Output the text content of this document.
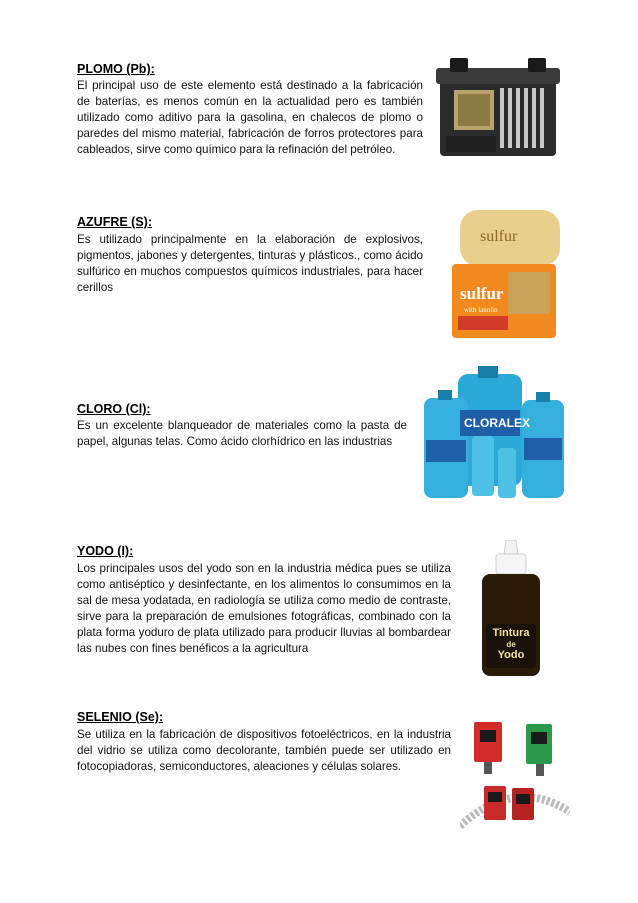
PLOMO (Pb):
El principal uso de este elemento está destinado a la fabricación de baterías, es menos común en la actualidad pero es también utilizado como aditivo para la gasolina, en chalecos de plomo o paredes del mismo material, fabricación de forros protectores para cableados, sirve como químico para la refinación del petróleo.
AZUFRE (S):
Es utilizado principalmente en la elaboración de explosivos, pigmentos, jabones y detergentes, tinturas y plásticos., como ácido sulfúrico en muchos compuestos químicos industriales, para hacer cerillos
sulfur
sulfur
with lanolin
CLORO (Cl):
Es un excelente blanqueador de materiales como la pasta de papel, algunas telas. Como ácido clorhídrico en las industrias
CLORALEX
YODO (I):
Los principales usos del yodo son en la industria médica pues se utiliza como antiséptico y desinfectante, en los alimentos lo consumimos en la sal de mesa yodatada, en radiología se utiliza como medio de contraste, sirve para la preparación de emulsiones fotográficas, combinado con la plata forma yoduro de plata utilizado para producir lluvias al bombardear las nubes con fines benéficos a la agricultura
Tintura
de
Yodo
SELENIO (Se):
Se utiliza en la fabricación de dispositivos fotoeléctricos, en la industria del vidrio se utiliza como decolorante, también puede ser utilizado en fotocopiadoras, semiconductores, aleaciones y células solares.
